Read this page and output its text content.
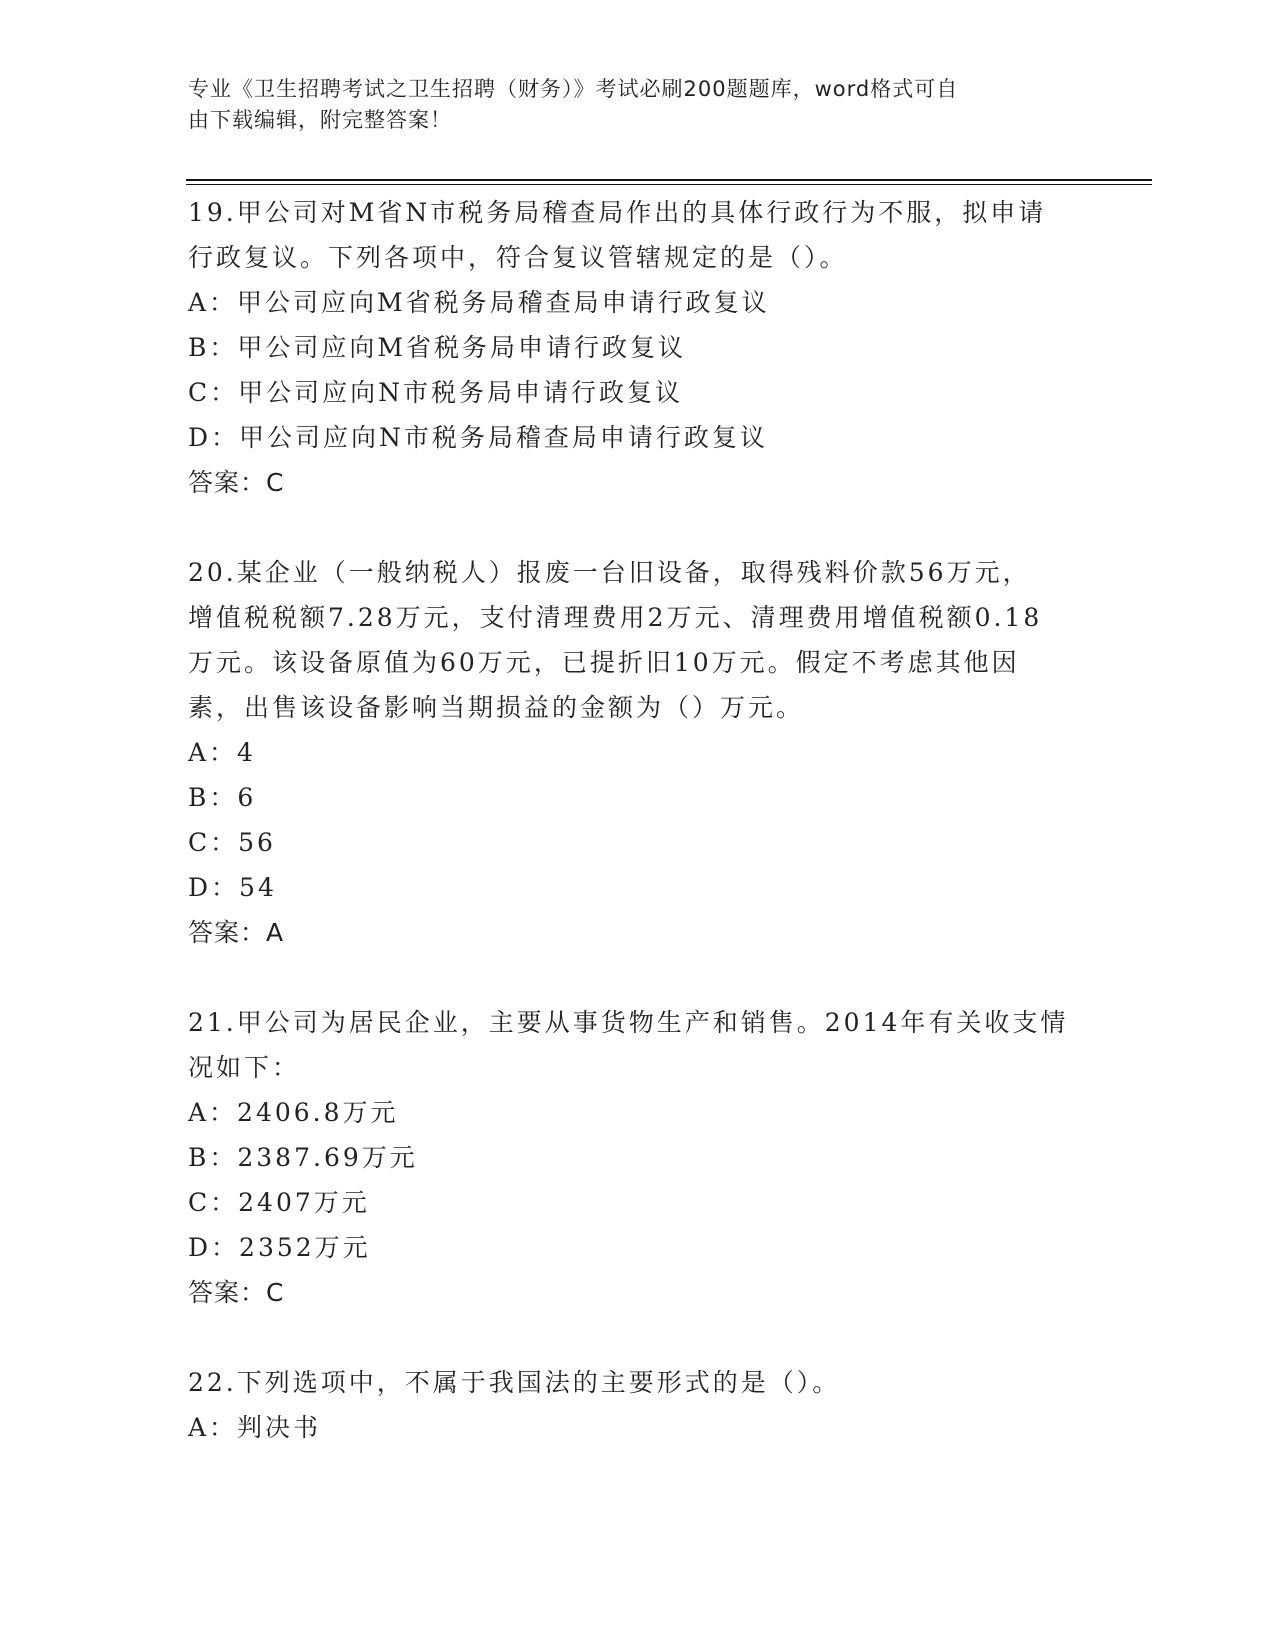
专业《卫生招聘考试之卫生招聘（财务）》考试必刷200题题库，word格式可自
由下载编辑，附完整答案！

19.甲公司对M省N市税务局稽查局作出的具体行政行为不服，拟申请

行政复议。下列各项中，符合复议管辖规定的是（）。

A：甲公司应向M省税务局稽查局申请行政复议

B：甲公司应向M省税务局申请行政复议

C：甲公司应向N市税务局申请行政复议

D：甲公司应向N市税务局稽查局申请行政复议

答案：C

20.某企业（一般纳税人）报废一台旧设备，取得残料价款56万元，

增值税税额7.28万元，支付清理费用2万元、清理费用增值税额0.18

万元。该设备原值为60万元，已提折旧10万元。假定不考虑其他因

素，出售该设备影响当期损益的金额为（）万元。

A：4

B：6

C：56

D：54

答案：A

21.甲公司为居民企业，主要从事货物生产和销售。2014年有关收支情

况如下：

A：2406.8万元

B：2387.69万元

C：2407万元

D：2352万元

答案：C

22.下列选项中，不属于我国法的主要形式的是（）。

A：判决书
